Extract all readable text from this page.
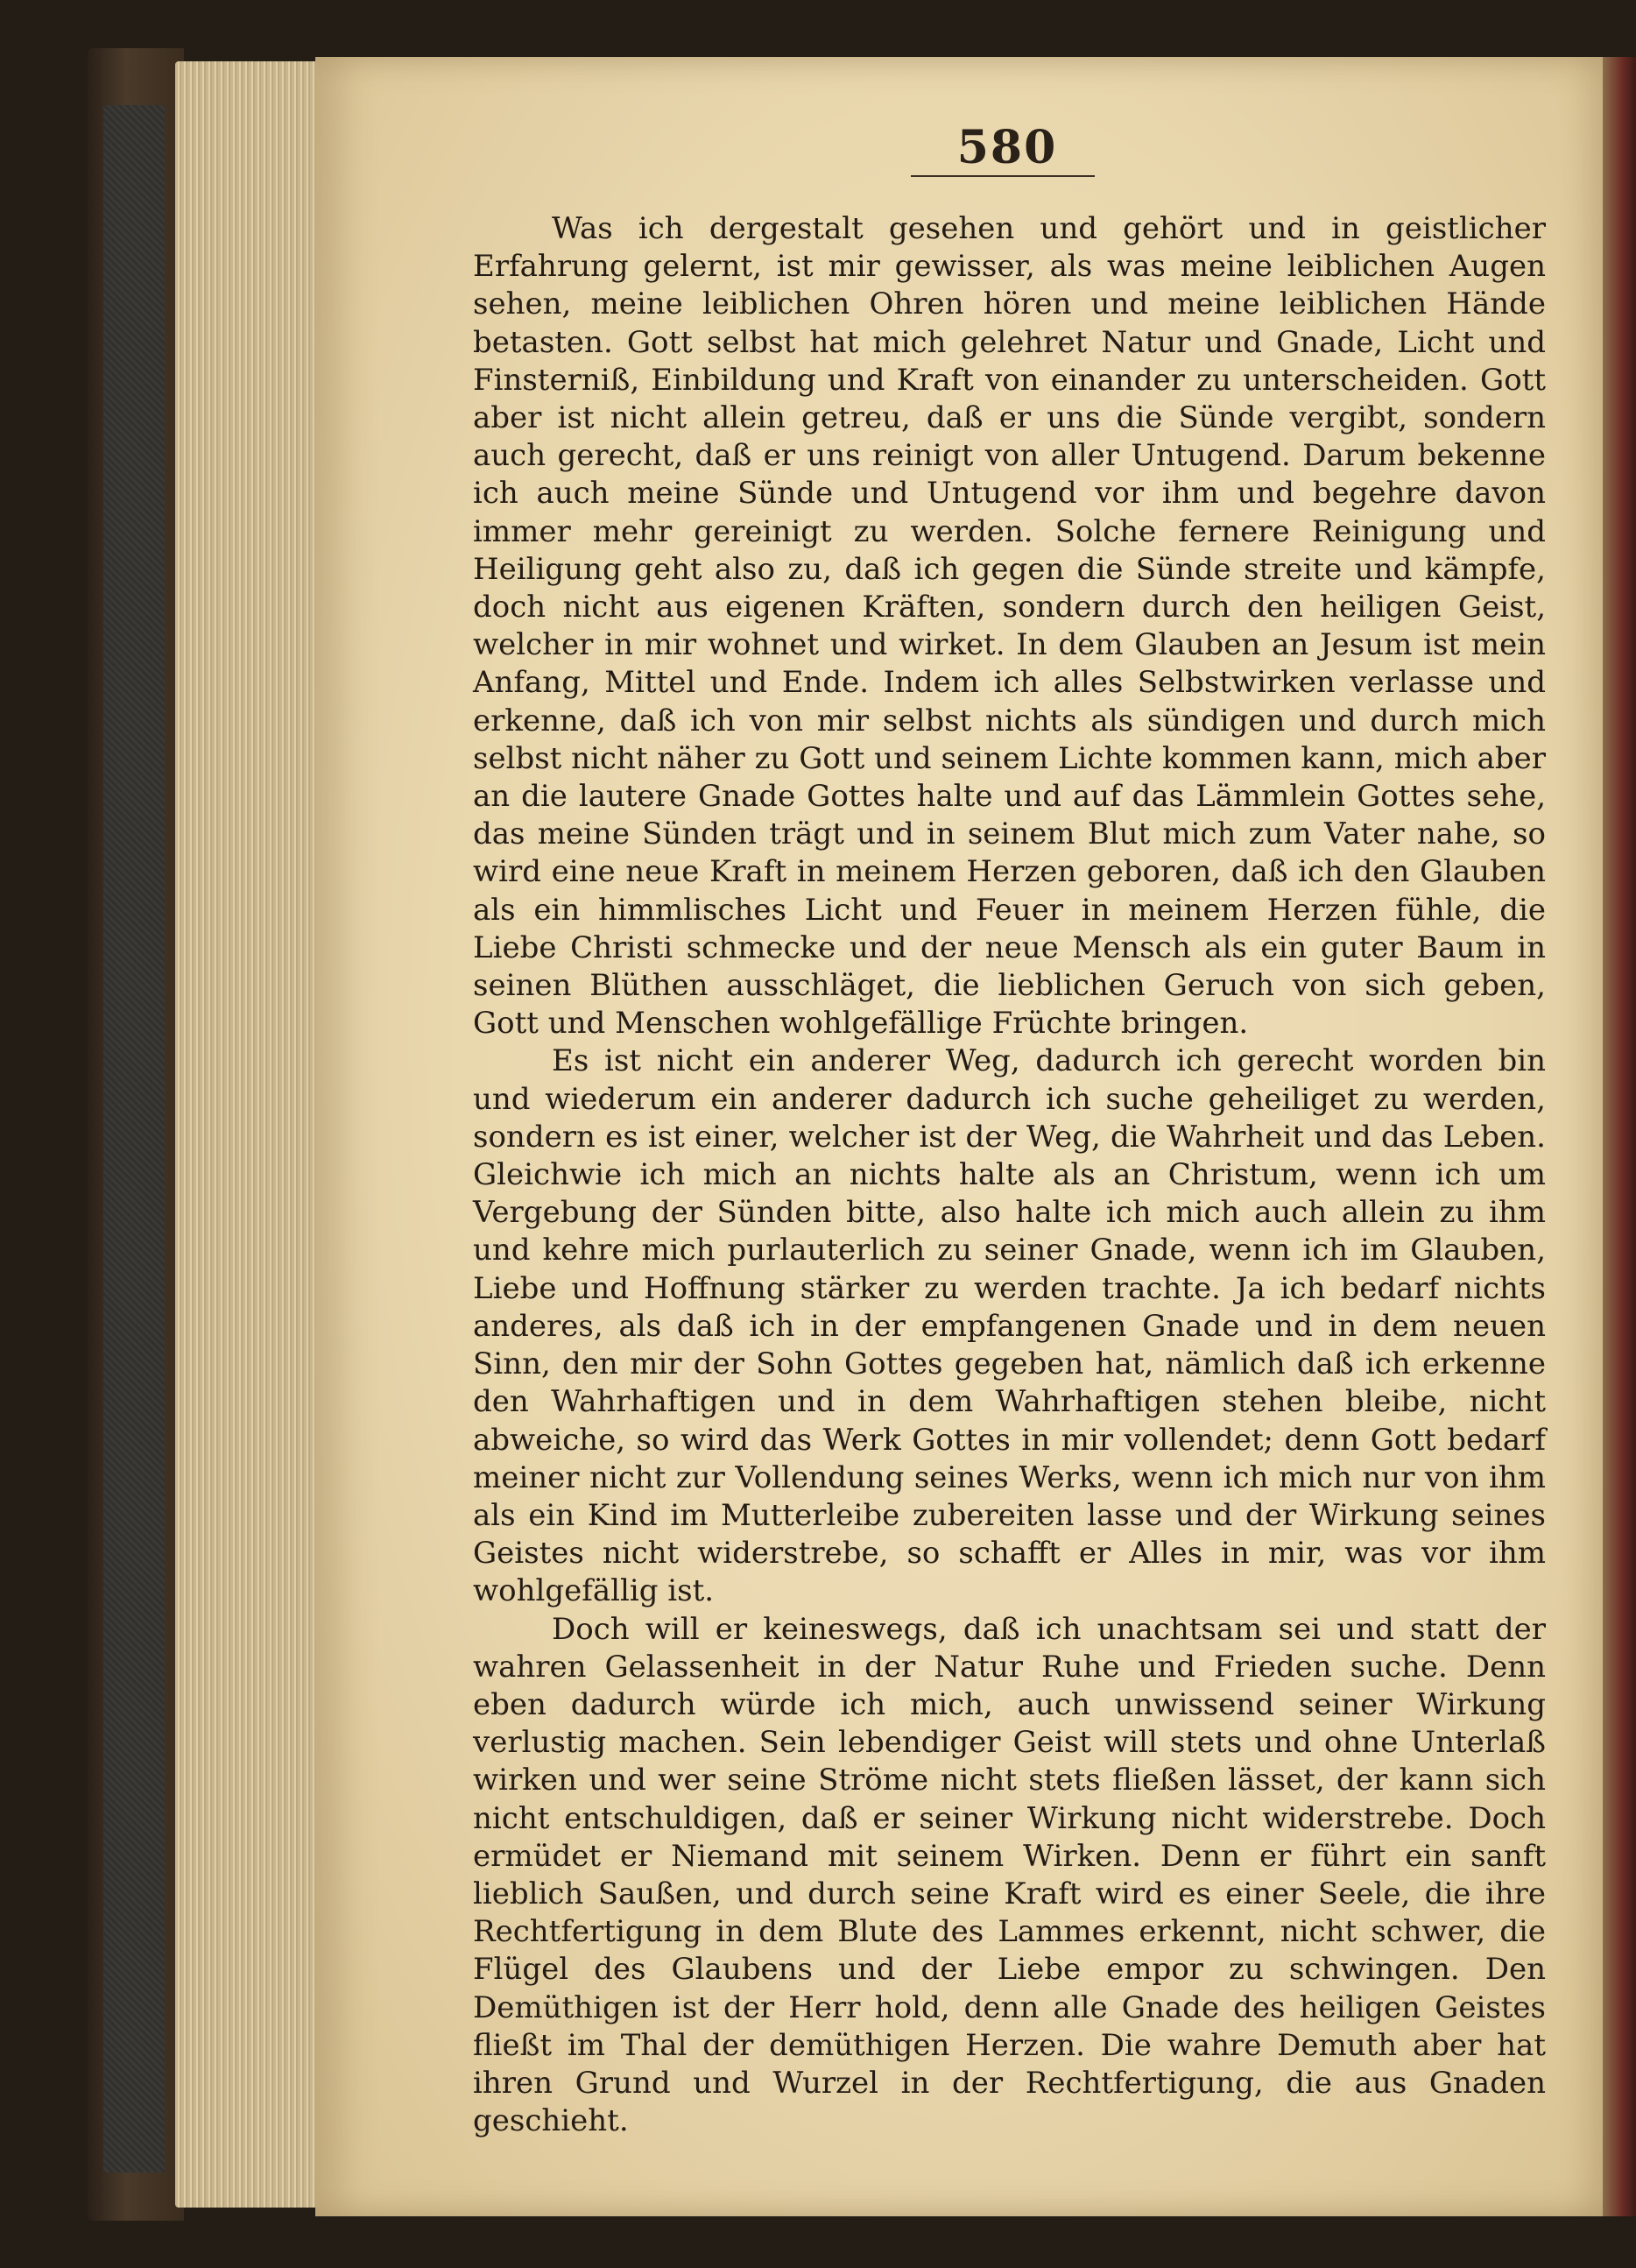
580

Was ich dergestalt gesehen und gehört und in geistlicher Erfahrung gelernt, ist mir gewisser, als was meine leiblichen Augen sehen, meine leiblichen Ohren hören und meine leiblichen Hände betasten. Gott selbst hat mich gelehret Natur und Gnade, Licht und Finsterniß, Einbildung und Kraft von einander zu unterscheiden. Gott aber ist nicht allein getreu, daß er uns die Sünde vergibt, sondern auch gerecht, daß er uns reinigt von aller Untugend. Darum bekenne ich auch meine Sünde und Untugend vor ihm und begehre davon immer mehr gereinigt zu werden. Solche fernere Reinigung und Heiligung geht also zu, daß ich gegen die Sünde streite und kämpfe, doch nicht aus eigenen Kräften, sondern durch den heiligen Geist, welcher in mir wohnet und wirket. In dem Glauben an Jesum ist mein Anfang, Mittel und Ende. Indem ich alles Selbstwirken verlasse und erkenne, daß ich von mir selbst nichts als sündigen und durch mich selbst nicht näher zu Gott und seinem Lichte kommen kann, mich aber an die lautere Gnade Gottes halte und auf das Lämmlein Gottes sehe, das meine Sünden trägt und in seinem Blut mich zum Vater nahe, so wird eine neue Kraft in meinem Herzen geboren, daß ich den Glauben als ein himmlisches Licht und Feuer in meinem Herzen fühle, die Liebe Christi schmecke und der neue Mensch als ein guter Baum in seinen Blüthen ausschläget, die lieblichen Geruch von sich geben, Gott und Menschen wohlgefällige Früchte bringen.

Es ist nicht ein anderer Weg, dadurch ich gerecht worden bin und wiederum ein anderer dadurch ich suche geheiliget zu werden, sondern es ist einer, welcher ist der Weg, die Wahrheit und das Leben. Gleichwie ich mich an nichts halte als an Christum, wenn ich um Vergebung der Sünden bitte, also halte ich mich auch allein zu ihm und kehre mich purlauterlich zu seiner Gnade, wenn ich im Glauben, Liebe und Hoffnung stärker zu werden trachte. Ja ich bedarf nichts anderes, als daß ich in der empfangenen Gnade und in dem neuen Sinn, den mir der Sohn Gottes gegeben hat, nämlich daß ich erkenne den Wahrhaftigen und in dem Wahrhaftigen stehen bleibe, nicht abweiche, so wird das Werk Gottes in mir vollendet; denn Gott bedarf meiner nicht zur Vollendung seines Werks, wenn ich mich nur von ihm als ein Kind im Mutterleibe zubereiten lasse und der Wirkung seines Geistes nicht widerstrebe, so schafft er Alles in mir, was vor ihm wohlgefällig ist.

Doch will er keineswegs, daß ich unachtsam sei und statt der wahren Gelassenheit in der Natur Ruhe und Frieden suche. Denn eben dadurch würde ich mich, auch unwissend seiner Wirkung verlustig machen. Sein lebendiger Geist will stets und ohne Unterlaß wirken und wer seine Ströme nicht stets fließen lässet, der kann sich nicht entschuldigen, daß er seiner Wirkung nicht widerstrebe. Doch ermüdet er Niemand mit seinem Wirken. Denn er führt ein sanft lieblich Saußen, und durch seine Kraft wird es einer Seele, die ihre Rechtfertigung in dem Blute des Lammes erkennt, nicht schwer, die Flügel des Glaubens und der Liebe empor zu schwingen. Den Demüthigen ist der Herr hold, denn alle Gnade des heiligen Geistes fließt im Thal der demüthigen Herzen. Die wahre Demuth aber hat ihren Grund und Wurzel in der Rechtfertigung, die aus Gnaden geschieht.
